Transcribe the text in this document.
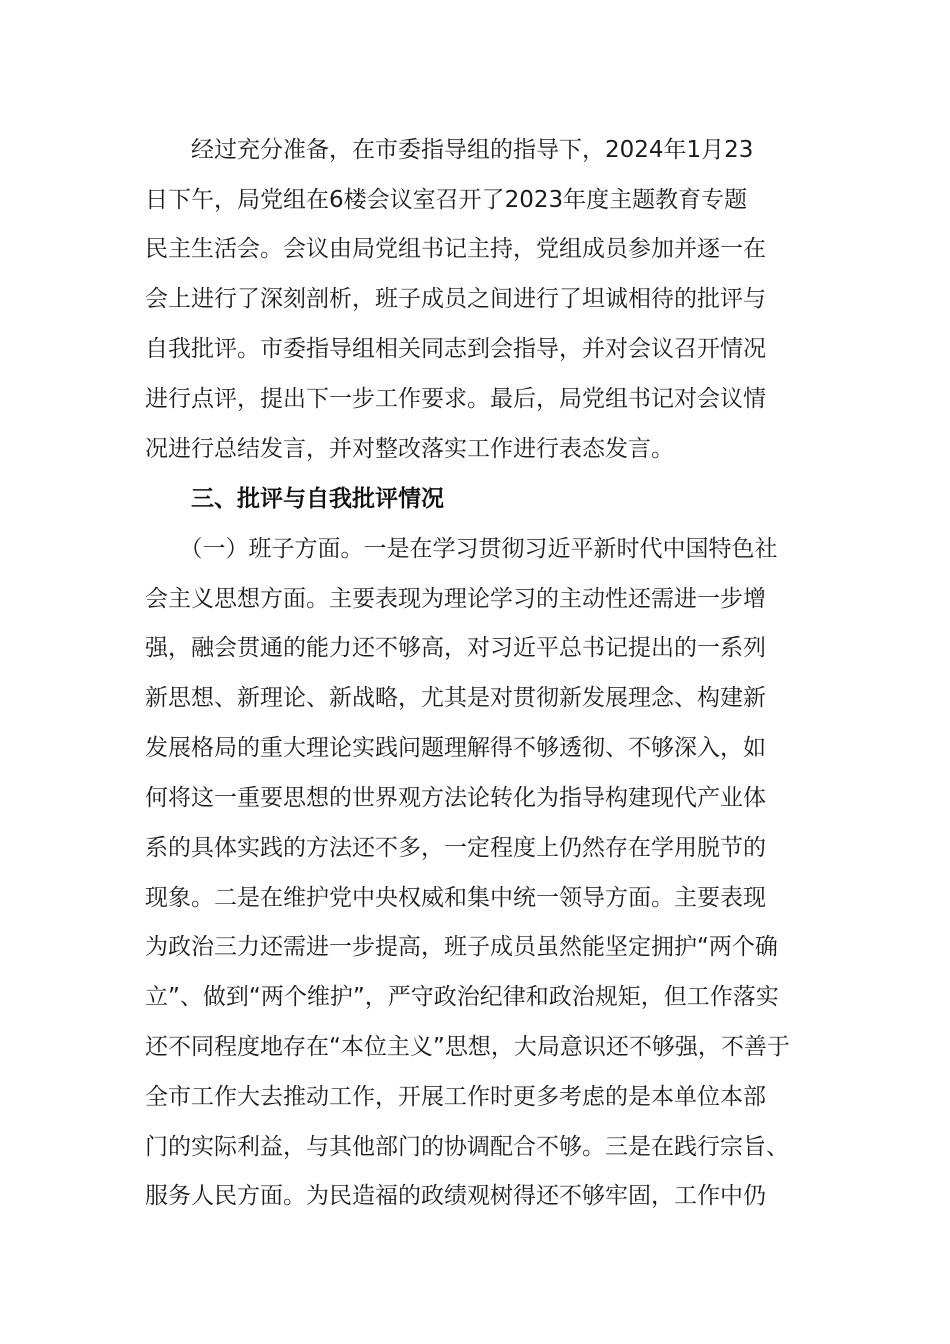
　　经过充分准备，在市委指导组的指导下，2024年1月23
日下午，局党组在6楼会议室召开了2023年度主题教育专题
民主生活会。会议由局党组书记主持，党组成员参加并逐一在
会上进行了深刻剖析，班子成员之间进行了坦诚相待的批评与
自我批评。市委指导组相关同志到会指导，并对会议召开情况
进行点评，提出下一步工作要求。最后，局党组书记对会议情
况进行总结发言，并对整改落实工作进行表态发言。
　　三、批评与自我批评情况
　　（一）班子方面。一是在学习贯彻习近平新时代中国特色社
会主义思想方面。主要表现为理论学习的主动性还需进一步增
强，融会贯通的能力还不够高，对习近平总书记提出的一系列
新思想、新理论、新战略，尤其是对贯彻新发展理念、构建新
发展格局的重大理论实践问题理解得不够透彻、不够深入，如
何将这一重要思想的世界观方法论转化为指导构建现代产业体
系的具体实践的方法还不多，一定程度上仍然存在学用脱节的
现象。二是在维护党中央权威和集中统一领导方面。主要表现
为政治三力还需进一步提高，班子成员虽然能坚定拥护“两个确
立”、做到“两个维护”，严守政治纪律和政治规矩，但工作落实
还不同程度地存在“本位主义”思想，大局意识还不够强，不善于
全市工作大去推动工作，开展工作时更多考虑的是本单位本部
门的实际利益，与其他部门的协调配合不够。三是在践行宗旨、
服务人民方面。为民造福的政绩观树得还不够牢固，工作中仍
